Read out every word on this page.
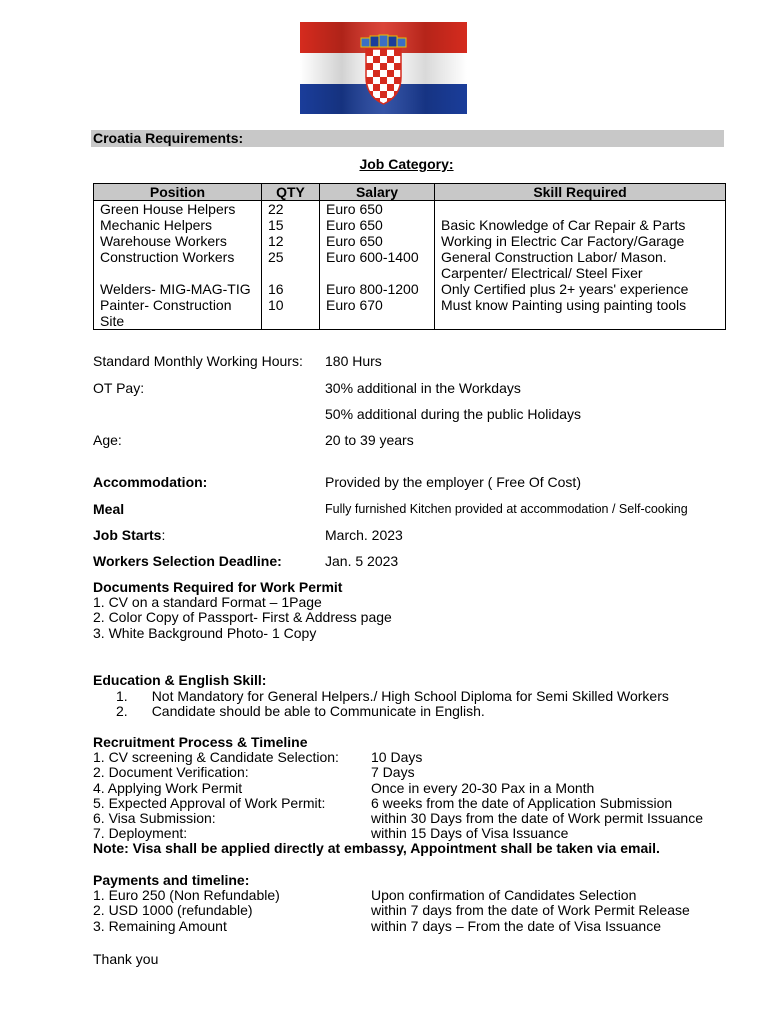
Croatia Requirements:
Job Category:
Position	QTY	Salary	Skill Required
Green House Helpers	22	Euro 650	
Mechanic Helpers	15	Euro 650	Basic Knowledge of Car Repair & Parts
Warehouse Workers	12	Euro 650	Working in Electric Car Factory/Garage
Construction Workers	25	Euro 600-1400	General Construction Labor/ Mason. Carpenter/ Electrical/ Steel Fixer
Welders- MIG-MAG-TIG	16	Euro 800-1200	Only Certified plus 2+ years' experience
Painter- Construction Site	10	Euro 670	Must know Painting using painting tools
Standard Monthly Working Hours: 180 Hurs
OT Pay:	30% additional in the Workdays
50% additional during the public Holidays
Age:	20 to 39 years
Accommodation:	Provided by the employer ( Free Of Cost)
Meal	Fully furnished Kitchen provided at accommodation / Self-cooking
Job Starts:	March. 2023
Workers Selection Deadline:	Jan. 5 2023
Documents Required for Work Permit
1. CV on a standard Format – 1Page
2. Color Copy of Passport- First & Address page
3. White Background Photo- 1 Copy
Education & English Skill:
1. Not Mandatory for General Helpers./ High School Diploma for Semi Skilled Workers
2. Candidate should be able to Communicate in English.
Recruitment Process & Timeline
1. CV screening & Candidate Selection: 10 Days
2. Document Verification:	7 Days
4. Applying Work Permit	Once in every 20-30 Pax in a Month
5. Expected Approval of Work Permit:	6 weeks from the date of Application Submission
6. Visa Submission:	within 30 Days from the date of Work permit Issuance
7. Deployment:	within 15 Days of Visa Issuance
Note: Visa shall be applied directly at embassy, Appointment shall be taken via email.
Payments and timeline:
1. Euro 250 (Non Refundable)	Upon confirmation of Candidates Selection
2. USD 1000 (refundable)	within 7 days from the date of Work Permit Release
3. Remaining Amount	within 7 days – From the date of Visa Issuance
Thank you
